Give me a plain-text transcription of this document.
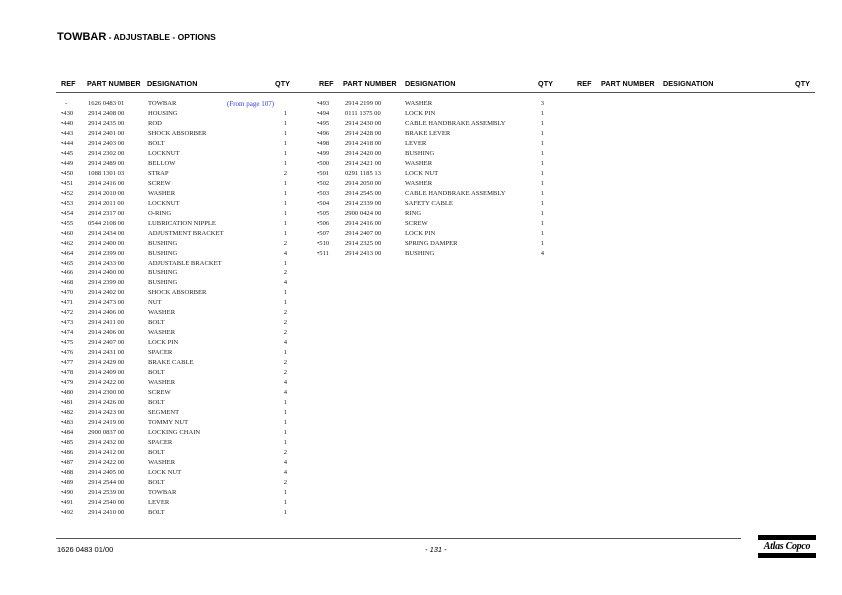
TOWBAR - ADJUSTABLE - OPTIONS
REF PART NUMBER DESIGNATION	QTY	REF PART NUMBER DESIGNATION	QTY	REF PART NUMBER DESIGNATION	QTY
-	1626 0483 01	TOWBAR	(From page 107)
•430 2914 2408 00	HOUSING	1
•440 2914 2435 00	ROD	1
•443 2914 2401 00	SHOCK ABSORBER	1
•444 2914 2403 00	BOLT	1
•445 2914 2302 00	LOCKNUT	1
•449 2914 2489 00	BELLOW	1
•450 1088 1301 03	STRAP	2
•451 2914 2416 00	SCREW	1
•452 2914 2010 00	WASHER	1
•453 2914 2011 00	LOCKNUT	1
•454 2914 2317 00	O-RING	1
•455 0544 2108 00	LUBRICATION NIPPLE	1
•460 2914 2434 00	ADJUSTMENT BRACKET	1
•462 2914 2400 00	BUSHING	2
•464 2914 2399 00	BUSHING	4
•465 2914 2433 00	ADJUSTABLE BRACKET	1
•466 2914 2400 00	BUSHING	2
•468 2914 2399 00	BUSHING	4
•470 2914 2402 00	SHOCK ABSORBER	1
•471 2914 2473 00	NUT	1
•472 2914 2406 00	WASHER	2
•473 2914 2411 00	BOLT	2
•474 2914 2406 00	WASHER	2
•475 2914 2407 00	LOCK PIN	4
•476 2914 2431 00	SPACER	1
•477 2914 2429 00	BRAKE CABLE	2
•478 2914 2409 00	BOLT	2
•479 2914 2422 00	WASHER	4
•480 2914 2300 00	SCREW	4
•481 2914 2426 00	BOLT	1
•482 2914 2423 00	SEGMENT	1
•483 2914 2419 00	TOMMY NUT	1
•484 2900 0837 00	LOCKING CHAIN	1
•485 2914 2432 00	SPACER	1
•486 2914 2412 00	BOLT	2
•487 2914 2422 00	WASHER	4
•488 2914 2405 00	LOCK NUT	4
•489 2914 2544 00	BOLT	2
•490 2914 2539 00	TOWBAR	1
•491 2914 2540 00	LEVER	1
•492 2914 2410 00	BOLT	1
•493 2914 2199 00	WASHER	3
•494 0111 1375 00	LOCK PIN	1
•495 2914 2430 00	CABLE HANDBRAKE ASSEMBLY	1
•496 2914 2428 00	BRAKE LEVER	1
•498 2914 2418 00	LEVER	1
•499 2914 2420 00	BUSHING	1
•500 2914 2421 00	WASHER	1
•501 0291 1185 13	LOCK NUT	1
•502 2914 2050 00	WASHER	1
•503 2914 2545 00	CABLE HANDBRAKE ASSEMBLY	1
•504 2914 2339 00	SAFETY CABLE	1
•505 2900 0424 00	RING	1
•506 2914 2416 00	SCREW	1
•507 2914 2407 00	LOCK PIN	1
•510 2914 2325 00	SPRING DAMPER	1
•511 2914 2413 00	BUSHING	4
1626 0483 01/00	- 131 -	Atlas Copco
